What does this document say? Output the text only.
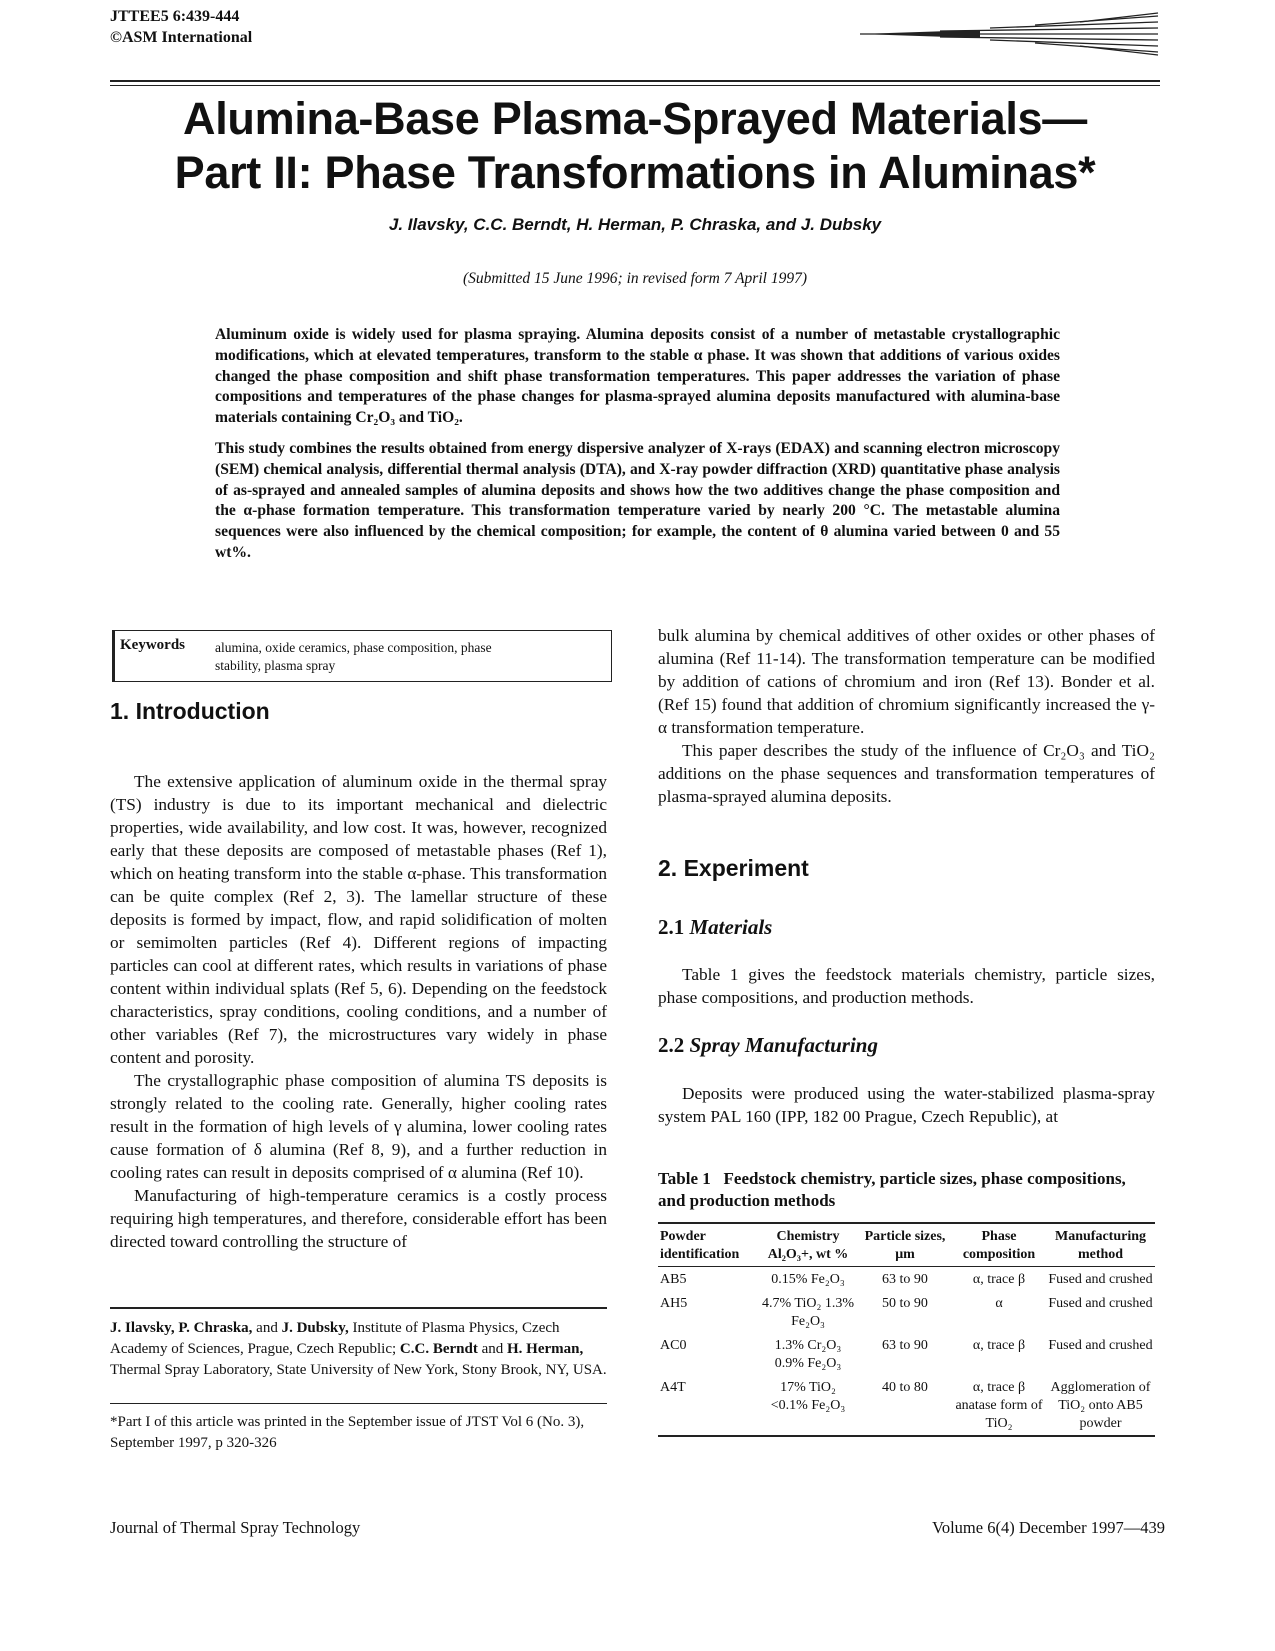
JTTEE5 6:439-444
©ASM International
Alumina-Base Plasma-Sprayed Materials—
Part II: Phase Transformations in Aluminas*
J. Ilavsky, C.C. Berndt, H. Herman, P. Chraska, and J. Dubsky
(Submitted 15 June 1996; in revised form 7 April 1997)

Aluminum oxide is widely used for plasma spraying. Alumina deposits consist of a number of metastable crystallographic modifications, which at elevated temperatures, transform to the stable α phase. It was shown that additions of various oxides changed the phase composition and shift phase transformation temperatures. This paper addresses the variation of phase compositions and temperatures of the phase changes for plasma-sprayed alumina deposits manufactured with alumina-base materials containing Cr₂O₃ and TiO₂.

This study combines the results obtained from energy dispersive analyzer of X-rays (EDAX) and scanning electron microscopy (SEM) chemical analysis, differential thermal analysis (DTA), and X-ray powder diffraction (XRD) quantitative phase analysis of as-sprayed and annealed samples of alumina deposits and shows how the two additives change the phase composition and the α-phase formation temperature. This transformation temperature varied by nearly 200 °C. The metastable alumina sequences were also influenced by the chemical composition; for example, the content of θ alumina varied between 0 and 55 wt%.

Keywords alumina, oxide ceramics, phase composition, phase stability, plasma spray
1. Introduction

The extensive application of aluminum oxide in the thermal spray (TS) industry is due to its important mechanical and dielectric properties, wide availability, and low cost. It was, however, recognized early that these deposits are composed of metastable phases (Ref 1), which on heating transform into the stable α-phase. This transformation can be quite complex (Ref 2, 3). The lamellar structure of these deposits is formed by impact, flow, and rapid solidification of molten or semimolten particles (Ref 4). Different regions of impacting particles can cool at different rates, which results in variations of phase content within individual splats (Ref 5, 6). Depending on the feedstock characteristics, spray conditions, cooling conditions, and a number of other variables (Ref 7), the microstructures vary widely in phase content and porosity.

The crystallographic phase composition of alumina TS deposits is strongly related to the cooling rate. Generally, higher cooling rates result in the formation of high levels of γ alumina, lower cooling rates cause formation of δ alumina (Ref 8, 9), and a further reduction in cooling rates can result in deposits comprised of α alumina (Ref 10).

Manufacturing of high-temperature ceramics is a costly process requiring high temperatures, and therefore, considerable effort has been directed toward controlling the structure of

J. Ilavsky, P. Chraska, and J. Dubsky, Institute of Plasma Physics, Czech Academy of Sciences, Prague, Czech Republic; C.C. Berndt and H. Herman, Thermal Spray Laboratory, State University of New York, Stony Brook, NY, USA.
*Part I of this article was printed in the September issue of JTST Vol 6 (No. 3), September 1997, p 320-326

bulk alumina by chemical additives of other oxides or other phases of alumina (Ref 11-14). The transformation temperature can be modified by addition of cations of chromium and iron (Ref 13). Bonder et al. (Ref 15) found that addition of chromium significantly increased the γ-α transformation temperature.

This paper describes the study of the influence of Cr₂O₃ and TiO₂ additions on the phase sequences and transformation temperatures of plasma-sprayed alumina deposits.

2. Experiment
2.1 Materials

Table 1 gives the feedstock materials chemistry, particle sizes, phase compositions, and production methods.

2.2 Spray Manufacturing

Deposits were produced using the water-stabilized plasma-spray system PAL 160 (IPP, 182 00 Prague, Czech Republic), at

Table 1 Feedstock chemistry, particle sizes, phase compositions, and production methods
Powder identification	Chemistry Al₂O₃+, wt %	Particle sizes, μm	Phase composition	Manufacturing method
AB5	0.15% Fe₂O₃	63 to 90	α, trace β	Fused and crushed
AH5	4.7% TiO₂ 1.3% Fe₂O₃	50 to 90	α	Fused and crushed
AC0	1.3% Cr₂O₃ 0.9% Fe₂O₃	63 to 90	α, trace β	Fused and crushed
A4T	17% TiO₂ <0.1% Fe₂O₃	40 to 80	α, trace β anatase form of TiO₂	Agglomeration of TiO₂ onto AB5 powder
Journal of Thermal Spray Technology	Volume 6(4) December 1997—439
